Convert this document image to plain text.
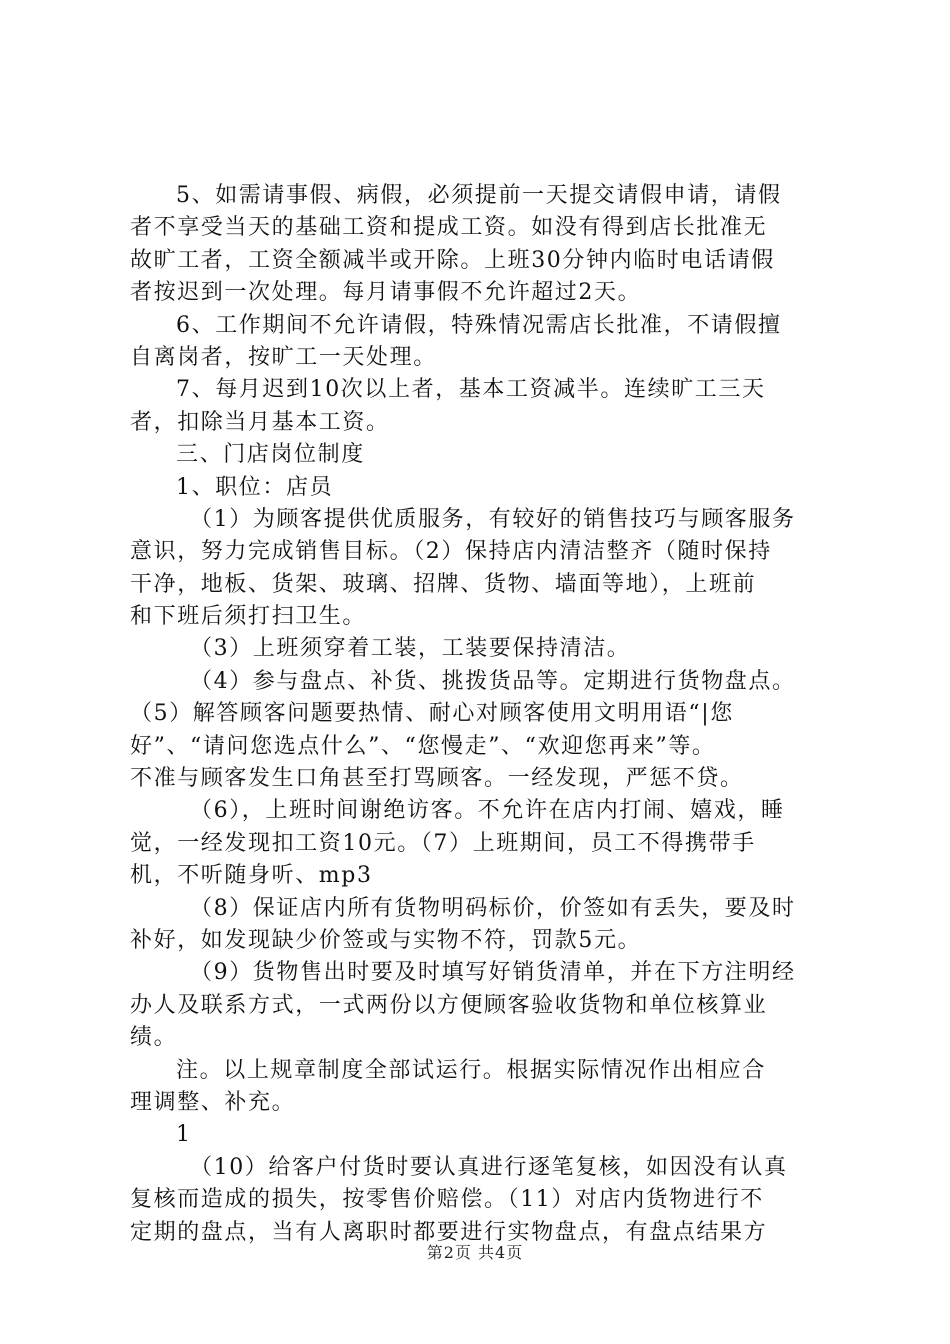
5、如需请事假、病假，必须提前一天提交请假申请，请假
者不享受当天的基础工资和提成工资。如没有得到店长批准无
故旷工者，工资全额减半或开除。上班30分钟内临时电话请假
者按迟到一次处理。每月请事假不允许超过2天。
6、工作期间不允许请假，特殊情况需店长批准，不请假擅
自离岗者，按旷工一天处理。
7、每月迟到10次以上者，基本工资减半。连续旷工三天
者，扣除当月基本工资。
三、门店岗位制度
1、职位：店员
（1）为顾客提供优质服务，有较好的销售技巧与顾客服务
意识，努力完成销售目标。（2）保持店内清洁整齐（随时保持
干净，地板、货架、玻璃、招牌、货物、墙面等地），上班前
和下班后须打扫卫生。
（3）上班须穿着工装，工装要保持清洁。
（4）参与盘点、补货、挑拨货品等。定期进行货物盘点。
（5）解答顾客问题要热情、耐心对顾客使用文明用语“|您
好”、“请问您选点什么”、“您慢走”、“欢迎您再来”等。
不准与顾客发生口角甚至打骂顾客。一经发现，严惩不贷。
（6），上班时间谢绝访客。不允许在店内打闹、嬉戏，睡
觉，一经发现扣工资10元。（7）上班期间，员工不得携带手
机，不听随身听、mp3
（8）保证店内所有货物明码标价，价签如有丢失，要及时
补好，如发现缺少价签或与实物不符，罚款5元。
（9）货物售出时要及时填写好销货清单，并在下方注明经
办人及联系方式，一式两份以方便顾客验收货物和单位核算业
绩。
注。以上规章制度全部试运行。根据实际情况作出相应合
理调整、补充。
1
（10）给客户付货时要认真进行逐笔复核，如因没有认真
复核而造成的损失，按零售价赔偿。（11）对店内货物进行不
定期的盘点，当有人离职时都要进行实物盘点，有盘点结果方
第2页 共4页
